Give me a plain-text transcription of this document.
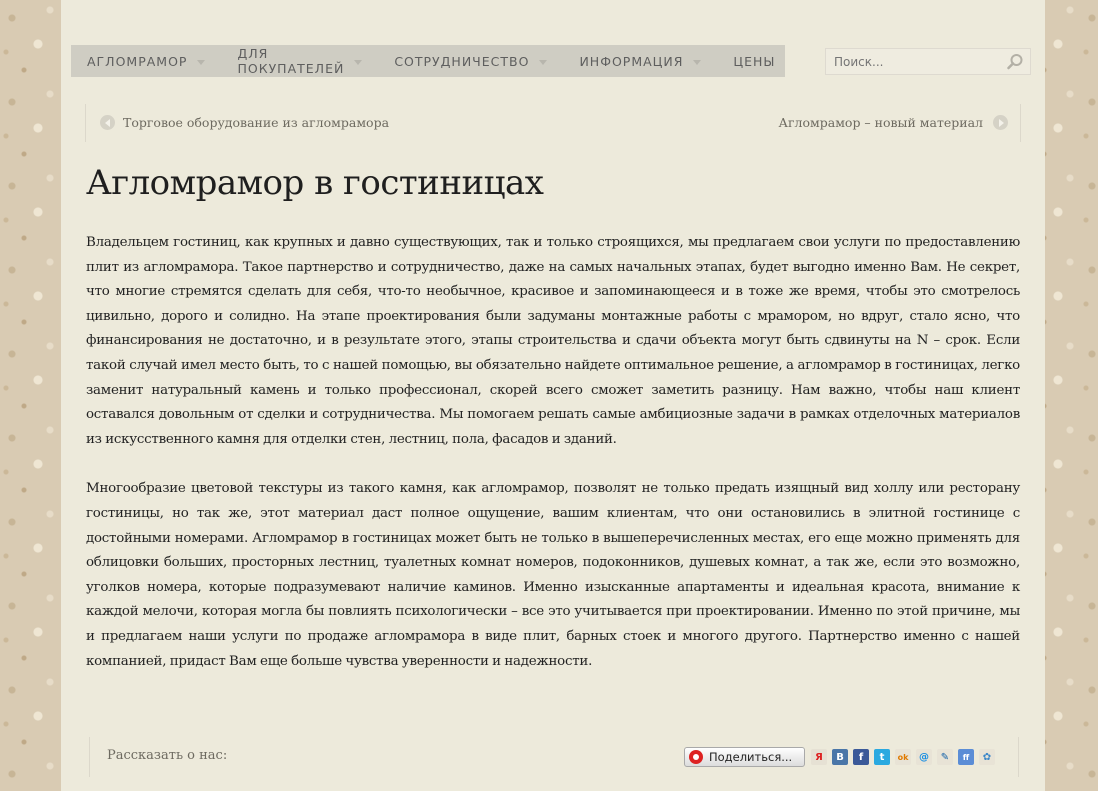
АГЛОМРАМОР	ДЛЯ ПОКУПАТЕЛЕЙ	СОТРУДНИЧЕСТВО	ИНФОРМАЦИЯ	ЦЕНЫ
Поиск...
Торговое оборудование из агломрамора	Агломрамор – новый материал
Агломрамор в гостиницах

Владельцем гостиниц, как крупных и давно существующих, так и только строящихся, мы предлагаем свои услуги по предоставлению плит из агломрамора. Такое партнерство и сотрудничество, даже на самых начальных этапах, будет выгодно именно Вам. Не секрет, что многие стремятся сделать для себя, что-то необычное, красивое и запоминающееся и в тоже же время, чтобы это смотрелось цивильно, дорого и солидно. На этапе проектирования были задуманы монтажные работы с мрамором, но вдруг, стало ясно, что финансирования не достаточно, и в результате этого, этапы строительства и сдачи объекта могут быть сдвинуты на N – срок. Если такой случай имел место быть, то с нашей помощью, вы обязательно найдете оптимальное решение, а агломрамор в гостиницах, легко заменит натуральный камень и только профессионал, скорей всего сможет заметить разницу. Нам важно, чтобы наш клиент оставался довольным от сделки и сотрудничества. Мы помогаем решать самые амбициозные задачи в рамках отделочных материалов из искусственного камня для отделки стен, лестниц, пола, фасадов и зданий.

Многообразие цветовой текстуры из такого камня, как агломрамор, позволят не только предать изящный вид холлу или ресторану гостиницы, но так же, этот материал даст полное ощущение, вашим клиентам, что они остановились в элитной гостинице с достойными номерами. Агломрамор в гостиницах может быть не только в вышеперечисленных местах, его еще можно применять для облицовки больших, просторных лестниц, туалетных комнат номеров, подоконников, душевых комнат, а так же, если это возможно, уголков номера, которые подразумевают наличие каминов. Именно изысканные апартаменты и идеальная красота, внимание к каждой мелочи, которая могла бы повлиять психологически – все это учитывается при проектировании. Именно по этой причине, мы и предлагаем наши услуги по продаже агломрамора в виде плит, барных стоек и многого другого. Партнерство именно с нашей компанией, придаст Вам еще больше чувства уверенности и надежности.

Рассказать о нас:	Поделиться...	Я	В	f	t	ok	@	✎	ff	✿
